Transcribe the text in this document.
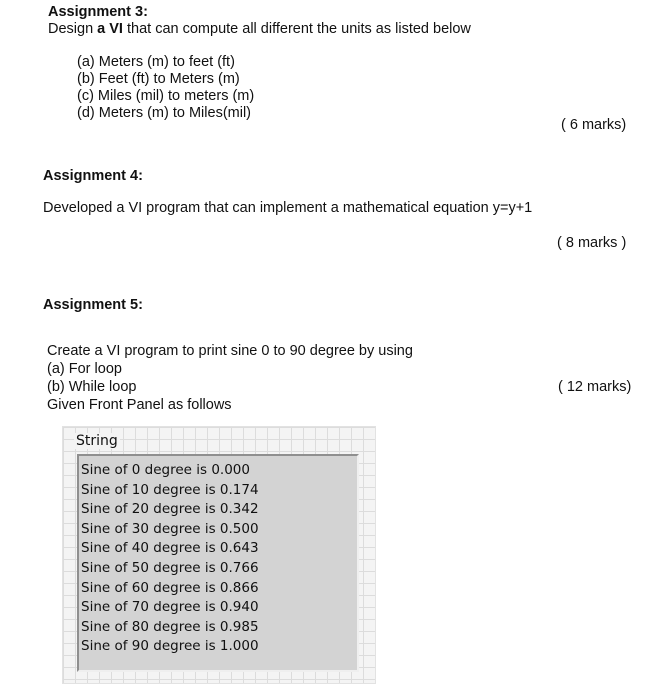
Assignment 3:
Design a VI that can compute all different the units as listed below
(a) Meters (m) to feet (ft)
(b) Feet (ft) to Meters (m)
(c) Miles (mil) to meters (m)
(d) Meters (m) to Miles(mil)
( 6 marks)
Assignment 4:
Developed a VI program that can implement a mathematical equation y=y+1
( 8 marks )
Assignment 5:
Create a VI program to print sine 0 to 90 degree by using
(a) For loop
(b) While loop
Given Front Panel as follows
( 12 marks)
String
Sine of 0 degree is 0.000
Sine of 10 degree is 0.174
Sine of 20 degree is 0.342
Sine of 30 degree is 0.500
Sine of 40 degree is 0.643
Sine of 50 degree is 0.766
Sine of 60 degree is 0.866
Sine of 70 degree is 0.940
Sine of 80 degree is 0.985
Sine of 90 degree is 1.000
